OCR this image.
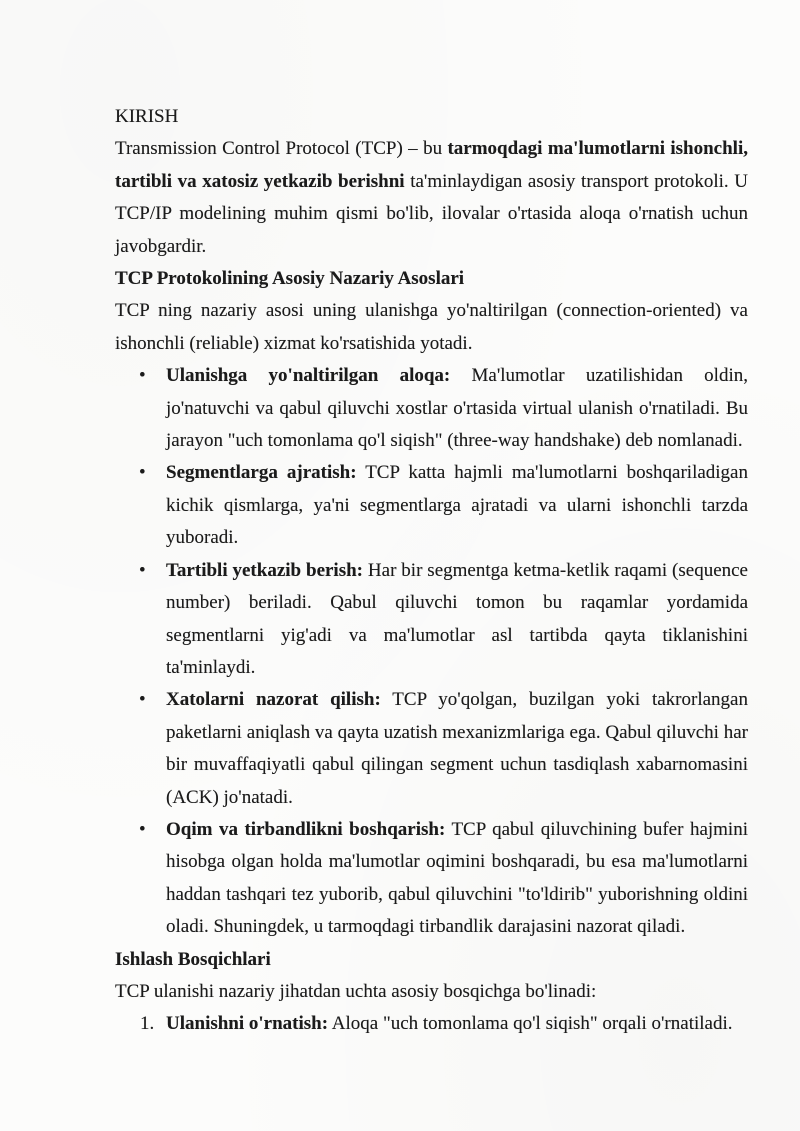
KIRISH

Transmission Control Protocol (TCP) – bu tarmoqdagi ma'lumotlarni ishonchli, tartibli va xatosiz yetkazib berishni ta'minlaydigan asosiy transport protokoli. U TCP/IP modelining muhim qismi bo'lib, ilovalar o'rtasida aloqa o'rnatish uchun javobgardir.

TCP Protokolining Asosiy Nazariy Asoslari

TCP ning nazariy asosi uning ulanishga yo'naltirilgan (connection-oriented) va ishonchli (reliable) xizmat ko'rsatishida yotadi.

• Ulanishga yo'naltirilgan aloqa: Ma'lumotlar uzatilishidan oldin, jo'natuvchi va qabul qiluvchi xostlar o'rtasida virtual ulanish o'rnatiladi. Bu jarayon "uch tomonlama qo'l siqish" (three-way handshake) deb nomlanadi.
• Segmentlarga ajratish: TCP katta hajmli ma'lumotlarni boshqariladigan kichik qismlarga, ya'ni segmentlarga ajratadi va ularni ishonchli tarzda yuboradi.
• Tartibli yetkazib berish: Har bir segmentga ketma-ketlik raqami (sequence number) beriladi. Qabul qiluvchi tomon bu raqamlar yordamida segmentlarni yig'adi va ma'lumotlar asl tartibda qayta tiklanishini ta'minlaydi.
• Xatolarni nazorat qilish: TCP yo'qolgan, buzilgan yoki takrorlangan paketlarni aniqlash va qayta uzatish mexanizmlariga ega. Qabul qiluvchi har bir muvaffaqiyatli qabul qilingan segment uchun tasdiqlash xabarnomasini (ACK) jo'natadi.
• Oqim va tirbandlikni boshqarish: TCP qabul qiluvchining bufer hajmini hisobga olgan holda ma'lumotlar oqimini boshqaradi, bu esa ma'lumotlarni haddan tashqari tez yuborib, qabul qiluvchini "to'ldirib" yuborishning oldini oladi. Shuningdek, u tarmoqdagi tirbandlik darajasini nazorat qiladi.

Ishlash Bosqichlari

TCP ulanishi nazariy jihatdan uchta asosiy bosqichga bo'linadi:

1. Ulanishni o'rnatish: Aloqa "uch tomonlama qo'l siqish" orqali o'rnatiladi.
